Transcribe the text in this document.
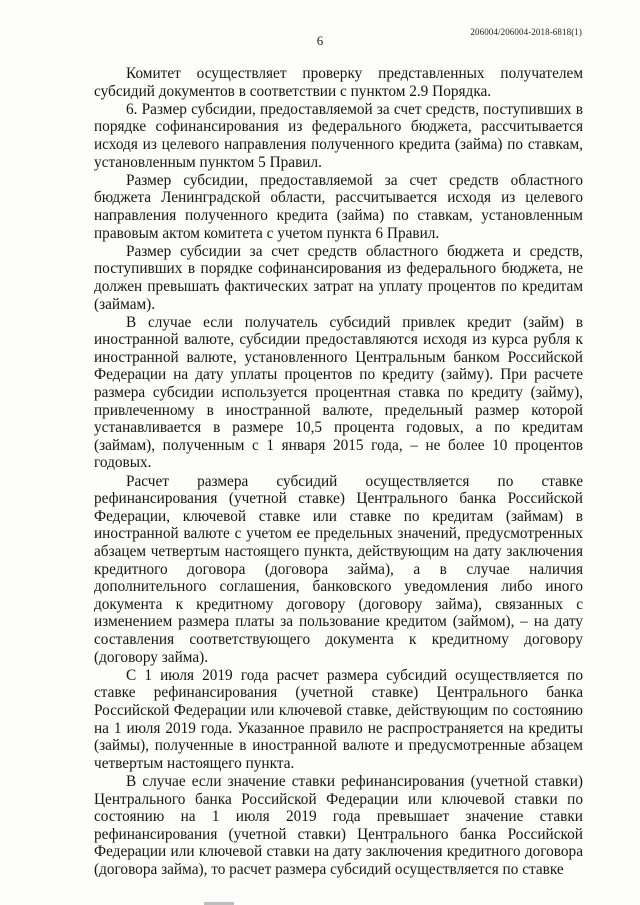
6
206004/206004-2018-6818(1)

Комитет осуществляет проверку представленных получателем субсидий документов в соответствии с пунктом 2.9 Порядка.

6. Размер субсидии, предоставляемой за счет средств, поступивших в порядке софинансирования из федерального бюджета, рассчитывается исходя из целевого направления полученного кредита (займа) по ставкам, установленным пунктом 5 Правил.

Размер субсидии, предоставляемой за счет средств областного бюджета Ленинградской области, рассчитывается исходя из целевого направления полученного кредита (займа) по ставкам, установленным правовым актом комитета с учетом пункта 6 Правил.

Размер субсидии за счет средств областного бюджета и средств, поступивших в порядке софинансирования из федерального бюджета, не должен превышать фактических затрат на уплату процентов по кредитам (займам).

В случае если получатель субсидий привлек кредит (займ) в иностранной валюте, субсидии предоставляются исходя из курса рубля к иностранной валюте, установленного Центральным банком Российской Федерации на дату уплаты процентов по кредиту (займу). При расчете размера субсидии используется процентная ставка по кредиту (займу), привлеченному в иностранной валюте, предельный размер которой устанавливается в размере 10,5 процента годовых, а по кредитам (займам), полученным с 1 января 2015 года, – не более 10 процентов годовых.

Расчет размера субсидий осуществляется по ставке рефинансирования (учетной ставке) Центрального банка Российской Федерации, ключевой ставке или ставке по кредитам (займам) в иностранной валюте с учетом ее предельных значений, предусмотренных абзацем четвертым настоящего пункта, действующим на дату заключения кредитного договора (договора займа), а в случае наличия дополнительного соглашения, банковского уведомления либо иного документа к кредитному договору (договору займа), связанных с изменением размера платы за пользование кредитом (займом), – на дату составления соответствующего документа к кредитному договору (договору займа).

С 1 июля 2019 года расчет размера субсидий осуществляется по ставке рефинансирования (учетной ставке) Центрального банка Российской Федерации или ключевой ставке, действующим по состоянию на 1 июля 2019 года. Указанное правило не распространяется на кредиты (займы), полученные в иностранной валюте и предусмотренные абзацем четвертым настоящего пункта.

В случае если значение ставки рефинансирования (учетной ставки) Центрального банка Российской Федерации или ключевой ставки по состоянию на 1 июля 2019 года превышает значение ставки рефинансирования (учетной ставки) Центрального банка Российской Федерации или ключевой ставки на дату заключения кредитного договора (договора займа), то расчет размера субсидий осуществляется по ставке
